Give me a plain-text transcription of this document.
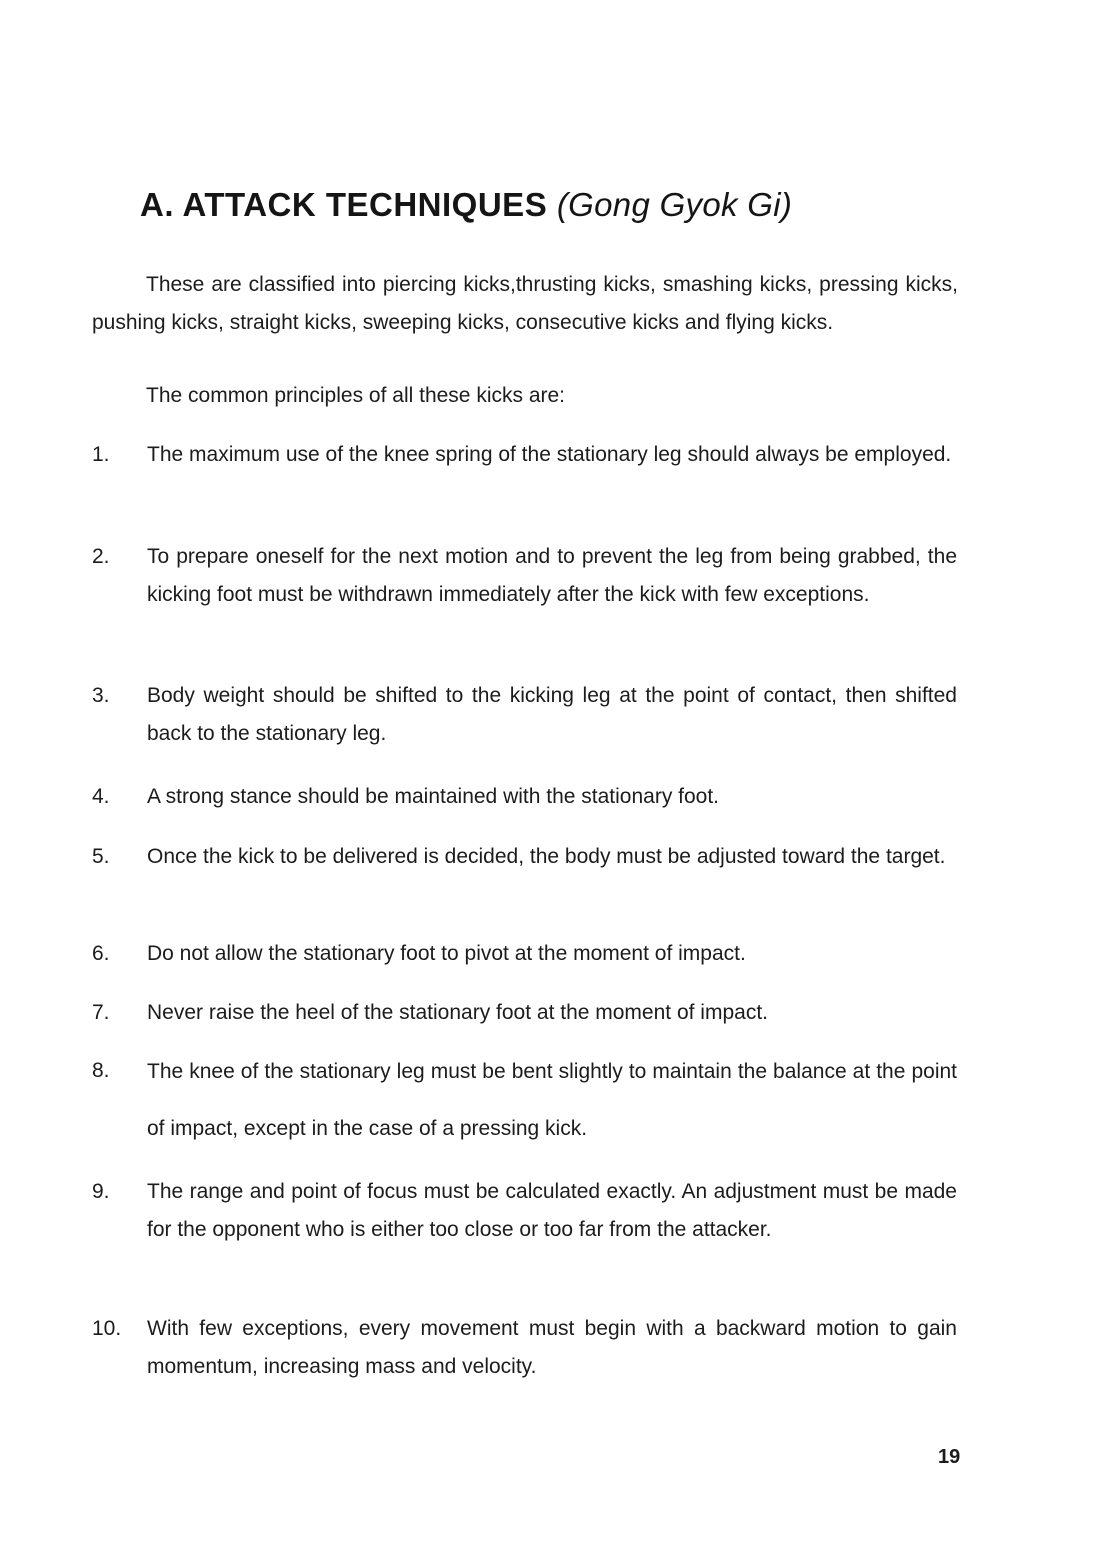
A. ATTACK TECHNIQUES (Gong Gyok Gi)

These are classified into piercing kicks,thrusting kicks, smashing kicks, pressing kicks, pushing kicks, straight kicks, sweeping kicks, consecutive kicks and flying kicks.

The common principles of all these kicks are:

1. The maximum use of the knee spring of the stationary leg should always be employed.
2. To prepare oneself for the next motion and to prevent the leg from being grabbed, the kicking foot must be withdrawn immediately after the kick with few exceptions.
3. Body weight should be shifted to the kicking leg at the point of contact, then shifted back to the stationary leg.
4. A strong stance should be maintained with the stationary foot.
5. Once the kick to be delivered is decided, the body must be adjusted toward the target.
6. Do not allow the stationary foot to pivot at the moment of impact.
7. Never raise the heel of the stationary foot at the moment of impact.
8. The knee of the stationary leg must be bent slightly to maintain the balance at the point of impact, except in the case of a pressing kick.
9. The range and point of focus must be calculated exactly. An adjustment must be made for the opponent who is either too close or too far from the attacker.
10. With few exceptions, every movement must begin with a backward motion to gain momentum, increasing mass and velocity.
19
